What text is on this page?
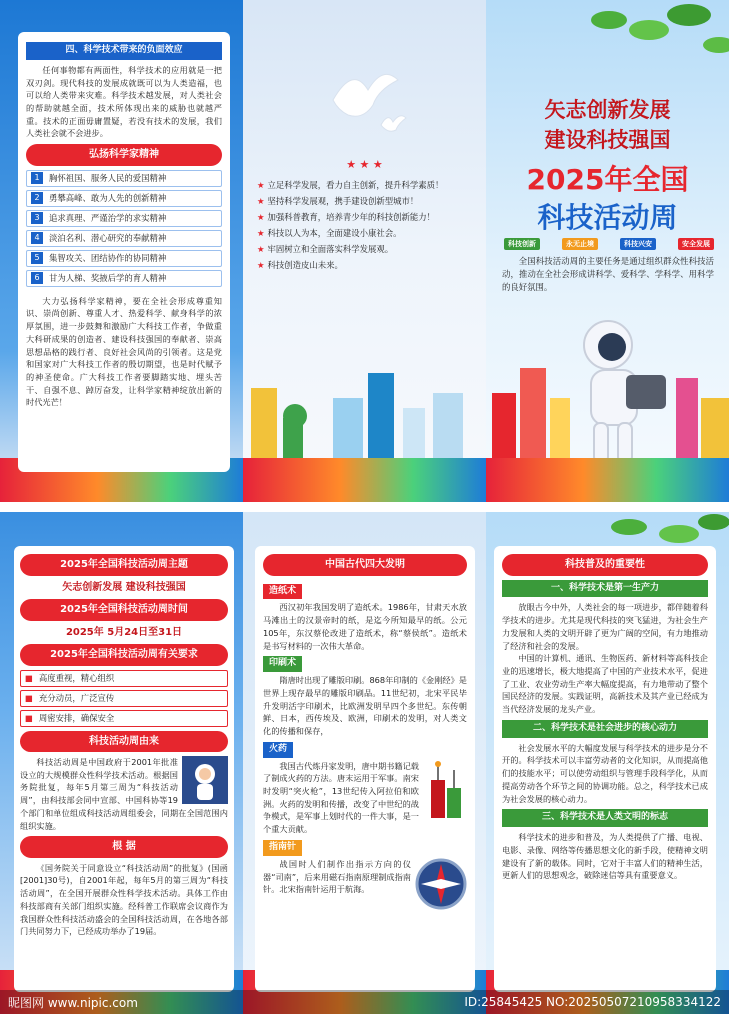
四、科学技术带来的负面效应

任何事物都有两面性，科学技术的应用就是一把双刃剑。现代科技的发展成就既可以为人类造福，也可以给人类带来灾难。科学技术越发展，对人类社会的帮助就越全面，技术所体现出来的威胁也就越严重。技术的正面毋庸置疑，若没有技术的发展，我们人类社会就不会进步。

弘扬科学家精神
1	胸怀祖国、服务人民的爱国精神
2	勇攀高峰、敢为人先的创新精神
3	追求真理、严谨治学的求实精神
4	淡泊名利、潜心研究的奉献精神
5	集智攻关、团结协作的协同精神
6	甘为人梯、奖掖后学的育人精神

大力弘扬科学家精神，要在全社会形成尊重知识、崇尚创新、尊重人才、热爱科学、献身科学的浓厚氛围，进一步鼓舞和激励广大科技工作者，争做重大科研成果的创造者、建设科技强国的奉献者、崇高思想品格的践行者、良好社会风尚的引领者。这是党和国家对广大科技工作者的殷切期望，也是时代赋予的神圣使命。广大科技工作者要脚踏实地、埋头苦干、自强不息、踔厉奋发，让科学家精神绽放出新的时代光芒！

★ ★ ★
★ 立足科学发展，看力自主创新，提升科学素质！
★ 坚持科学发展观，携手建设创新型城市！
★ 加强科普教育，培养青少年的科技创新能力！
★ 科技以人为本，全面建设小康社会。
★ 牢固树立和全面落实科学发展观。
★ 科技创造皮山未来。
矢志创新发展
建设科技强国
2025年全国
科技活动周
科技创新	永无止境	科技兴安	安全发展

全国科技活动周的主要任务是通过组织群众性科技活动，推动在全社会形成讲科学、爱科学、学科学、用科学的良好氛围。

2025年全国科技活动周主题
矢志创新发展 建设科技强国
2025年全国科技活动周时间
2025年 5月24日至31日
2025年全国科技活动周有关要求
■ 高度重视，精心组织
■ 充分动员，广泛宣传
■ 周密安排，确保安全
科技活动周由来

科技活动周是中国政府于2001年批准设立的大规模群众性科学技术活动。根据国务院批复，每年5月第三周为“科技活动周”，由科技部会同中宣部、中国科协等19个部门和单位组成科技活动周组委会，同期在全国范围内组织实施。

根 据

《国务院关于同意设立“科技活动周”的批复》(国函[2001]30号)，自2001年起，每年5月的第三周为“科技活动周”，在全国开展群众性科学技术活动。具体工作由科技部商有关部门组织实施。经科普工作联席会议商作为我国群众性科技活动盛会的全国科技活动周，在各地各部门共同努力下，已经成功举办了19届。

中国古代四大发明
造纸术

西汉初年我国发明了造纸术。1986年，甘肃天水放马滩出土的汉景帝时的纸，是迄今所知最早的纸。公元105年，东汉蔡伦改进了造纸术，称“蔡侯纸”。造纸术是书写材料的一次伟大革命。

印刷术

隋唐时出现了雕版印刷。868年印制的《金刚经》是世界上现存最早的雕版印刷品。11世纪初，北宋平民毕升发明活字印刷术，比欧洲发明早四个多世纪。东传朝鲜、日本，西传埃及、欧洲，印刷术的发明，对人类文化的传播和保存，

火药

我国古代炼丹家发明，唐中期书籍记载了制成火药的方法。唐末运用于军事。南宋时发明“突火枪”，13世纪传入阿拉伯和欧洲。火药的发明和传播，改变了中世纪的战争模式，是军事上划时代的一件大事，是一个重大贡献。

指南针

战国时人们制作出指示方向的仪器“司南”，后来用磁石指南原理制成指南针。北宋指南针运用于航海。

科技普及的重要性
一、科学技术是第一生产力

放眼古今中外，人类社会的每一项进步，都伴随着科学技术的进步。尤其是现代科技的突飞猛进，为社会生产力发展和人类的文明开辟了更为广阔的空间，有力地推动了经济和社会的发展。

中国的计算机、通讯、生物医药、新材料等高科技企业的迅速增长，极大地提高了中国的产业技术水平，促进了工业、农业劳动生产率大幅度提高，有力地带动了整个国民经济的发展。实践证明，高新技术及其产业已经成为当代经济发展的龙头产业。

二、科学技术是社会进步的核心动力

社会发展水平的大幅度发展与科学技术的进步是分不开的。科学技术可以丰富劳动者的文化知识，从而提高他们的技能水平；可以使劳动组织与管理手段科学化，从而提高劳动各个环节之间的协调功能。总之，科学技术已成为社会发展的核心动力。

三、科学技术是人类文明的标志

科学技术的进步和普及，为人类提供了广播、电视、电影、录像、网络等传播思想文化的新手段，使精神文明建设有了新的载体。同时，它对于丰富人们的精神生活，更新人们的思想观念，破除迷信等具有重要意义。

昵图网 www.nipic.com	ID:25845425 NO:20250507210958334122
